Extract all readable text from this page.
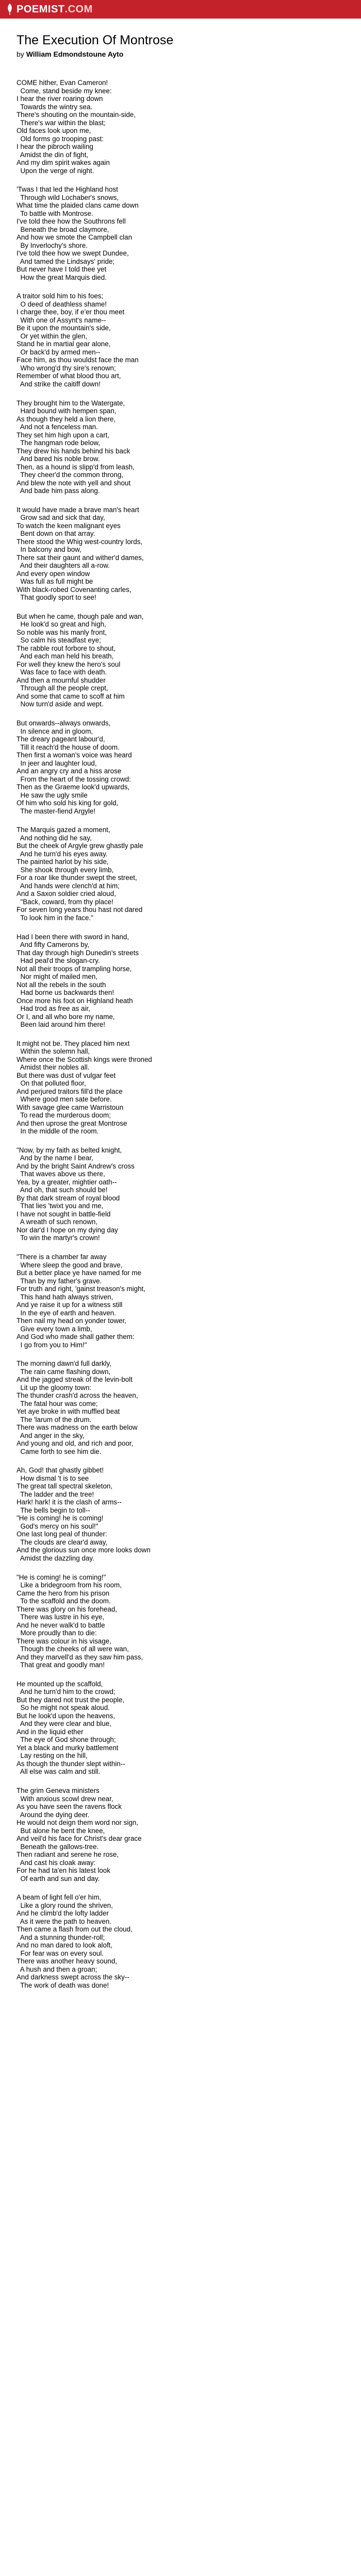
POEMIST .COM
The Execution Of Montrose
by William Edmondstoune Ayto
COME hither, Evan Cameron!
Come, stand beside my knee:
I hear the river roaring down
Towards the wintry sea.
There's shouting on the mountain-side,
There's war within the blast;
Old faces look upon me,
Old forms go trooping past:
I hear the pibroch wailing
Amidst the din of fight,
And my dim spirit wakes again
Upon the verge of night.
'Twas I that led the Highland host
Through wild Lochaber's snows,
What time the plaided clans came down
To battle with Montrose.
I've told thee how the Southrons fell
Beneath the broad claymore,
And how we smote the Campbell clan
By Inverlochy's shore.
I've told thee how we swept Dundee,
And tamed the Lindsays' pride;
But never have I told thee yet
How the great Marquis died.
A traitor sold him to his foes;
O deed of deathless shame!
I charge thee, boy, if e'er thou meet
With one of Assynt's name--
Be it upon the mountain's side,
Or yet within the glen,
Stand he in martial gear alone,
Or back'd by armed men--
Face him, as thou wouldst face the man
Who wrong'd thy sire's renown;
Remember of what blood thou art,
And strike the caitiff down!
They brought him to the Watergate,
Hard bound with hempen span,
As though they held a lion there,
And not a fenceless man.
They set him high upon a cart,
The hangman rode below,
They drew his hands behind his back
And bared his noble brow.
Then, as a hound is slipp'd from leash,
They cheer'd the common throng,
And blew the note with yell and shout
And bade him pass along.
It would have made a brave man's heart
Grow sad and sick that day,
To watch the keen malignant eyes
Bent down on that array.
There stood the Whig west-country lords,
In balcony and bow,
There sat their gaunt and wither'd dames,
And their daughters all a-row.
And every open window
Was full as full might be
With black-robed Covenanting carles,
That goodly sport to see!
But when he came, though pale and wan,
He look'd so great and high,
So noble was his manly front,
So calm his steadfast eye;
The rabble rout forbore to shout,
And each man held his breath,
For well they knew the hero's soul
Was face to face with death.
And then a mournful shudder
Through all the people crept,
And some that came to scoff at him
Now turn'd aside and wept.
But onwards--always onwards,
In silence and in gloom,
The dreary pageant labour'd,
Till it reach'd the house of doom.
Then first a woman's voice was heard
In jeer and laughter loud,
And an angry cry and a hiss arose
From the heart of the tossing crowd:
Then as the Graeme look'd upwards,
He saw the ugly smile
Of him who sold his king for gold,
The master-fiend Argyle!
The Marquis gazed a moment,
And nothing did he say,
But the cheek of Argyle grew ghastly pale
And he turn'd his eyes away.
The painted harlot by his side,
She shook through every limb,
For a roar like thunder swept the street,
And hands were clench'd at him;
And a Saxon soldier cried aloud,
"Back, coward, from thy place!
For seven long years thou hast not dared
To look him in the face."
Had I been there with sword in hand,
And fifty Camerons by,
That day through high Dunedin's streets
Had peal'd the slogan-cry.
Not all their troops of trampling horse,
Nor might of mailed men,
Not all the rebels in the south
Had borne us backwards then!
Once more his foot on Highland heath
Had trod as free as air,
Or I, and all who bore my name,
Been laid around him there!
It might not be. They placed him next
Within the solemn hall,
Where once the Scottish kings were throned
Amidst their nobles all.
But there was dust of vulgar feet
On that polluted floor,
And perjured traitors fill'd the place
Where good men sate before.
With savage glee came Warristoun
To read the murderous doom;
And then uprose the great Montrose
In the middle of the room.
"Now, by my faith as belted knight,
And by the name I bear,
And by the bright Saint Andrew's cross
That waves above us there,
Yea, by a greater, mightier oath--
And oh, that such should be!
By that dark stream of royal blood
That lies 'twixt you and me,
I have not sought in battle-field
A wreath of such renown,
Nor dar'd I hope on my dying day
To win the martyr's crown!
"There is a chamber far away
Where sleep the good and brave,
But a better place ye have named for me
Than by my father's grave.
For truth and right, 'gainst treason's might,
This hand hath always striven,
And ye raise it up for a witness still
In the eye of earth and heaven.
Then nail my head on yonder tower,
Give every town a limb,
And God who made shall gather them:
I go from you to Him!"
The morning dawn'd full darkly,
The rain came flashing down,
And the jagged streak of the levin-bolt
Lit up the gloomy town:
The thunder crash'd across the heaven,
The fatal hour was come;
Yet aye broke in with muffled beat
The 'larum of the drum.
There was madness on the earth below
And anger in the sky,
And young and old, and rich and poor,
Came forth to see him die.
Ah, God! that ghastly gibbet!
How dismal 't is to see
The great tall spectral skeleton,
The ladder and the tree!
Hark! hark! it is the clash of arms--
The bells begin to toll--
"He is coming! he is coming!
God's mercy on his soul!"
One last long peal of thunder:
The clouds are clear'd away,
And the glorious sun once more looks down
Amidst the dazzling day.
"He is coming! he is coming!"
Like a bridegroom from his room,
Came the hero from his prison
To the scaffold and the doom.
There was glory on his forehead,
There was lustre in his eye,
And he never walk'd to battle
More proudly than to die:
There was colour in his visage,
Though the cheeks of all were wan,
And they marvell'd as they saw him pass,
That great and goodly man!
He mounted up the scaffold,
And he turn'd him to the crowd;
But they dared not trust the people,
So he might not speak aloud.
But he look'd upon the heavens,
And they were clear and blue,
And in the liquid ether
The eye of God shone through;
Yet a black and murky battlement
Lay resting on the hill,
As though the thunder slept within--
All else was calm and still.
The grim Geneva ministers
With anxious scowl drew near,
As you have seen the ravens flock
Around the dying deer.
He would not deign them word nor sign,
But alone he bent the knee,
And veil'd his face for Christ's dear grace
Beneath the gallows-tree.
Then radiant and serene he rose,
And cast his cloak away:
For he had ta'en his latest look
Of earth and sun and day.
A beam of light fell o'er him,
Like a glory round the shriven,
And he climb'd the lofty ladder
As it were the path to heaven.
Then came a flash from out the cloud,
And a stunning thunder-roll;
And no man dared to look aloft,
For fear was on every soul.
There was another heavy sound,
A hush and then a groan;
And darkness swept across the sky--
The work of death was done!
